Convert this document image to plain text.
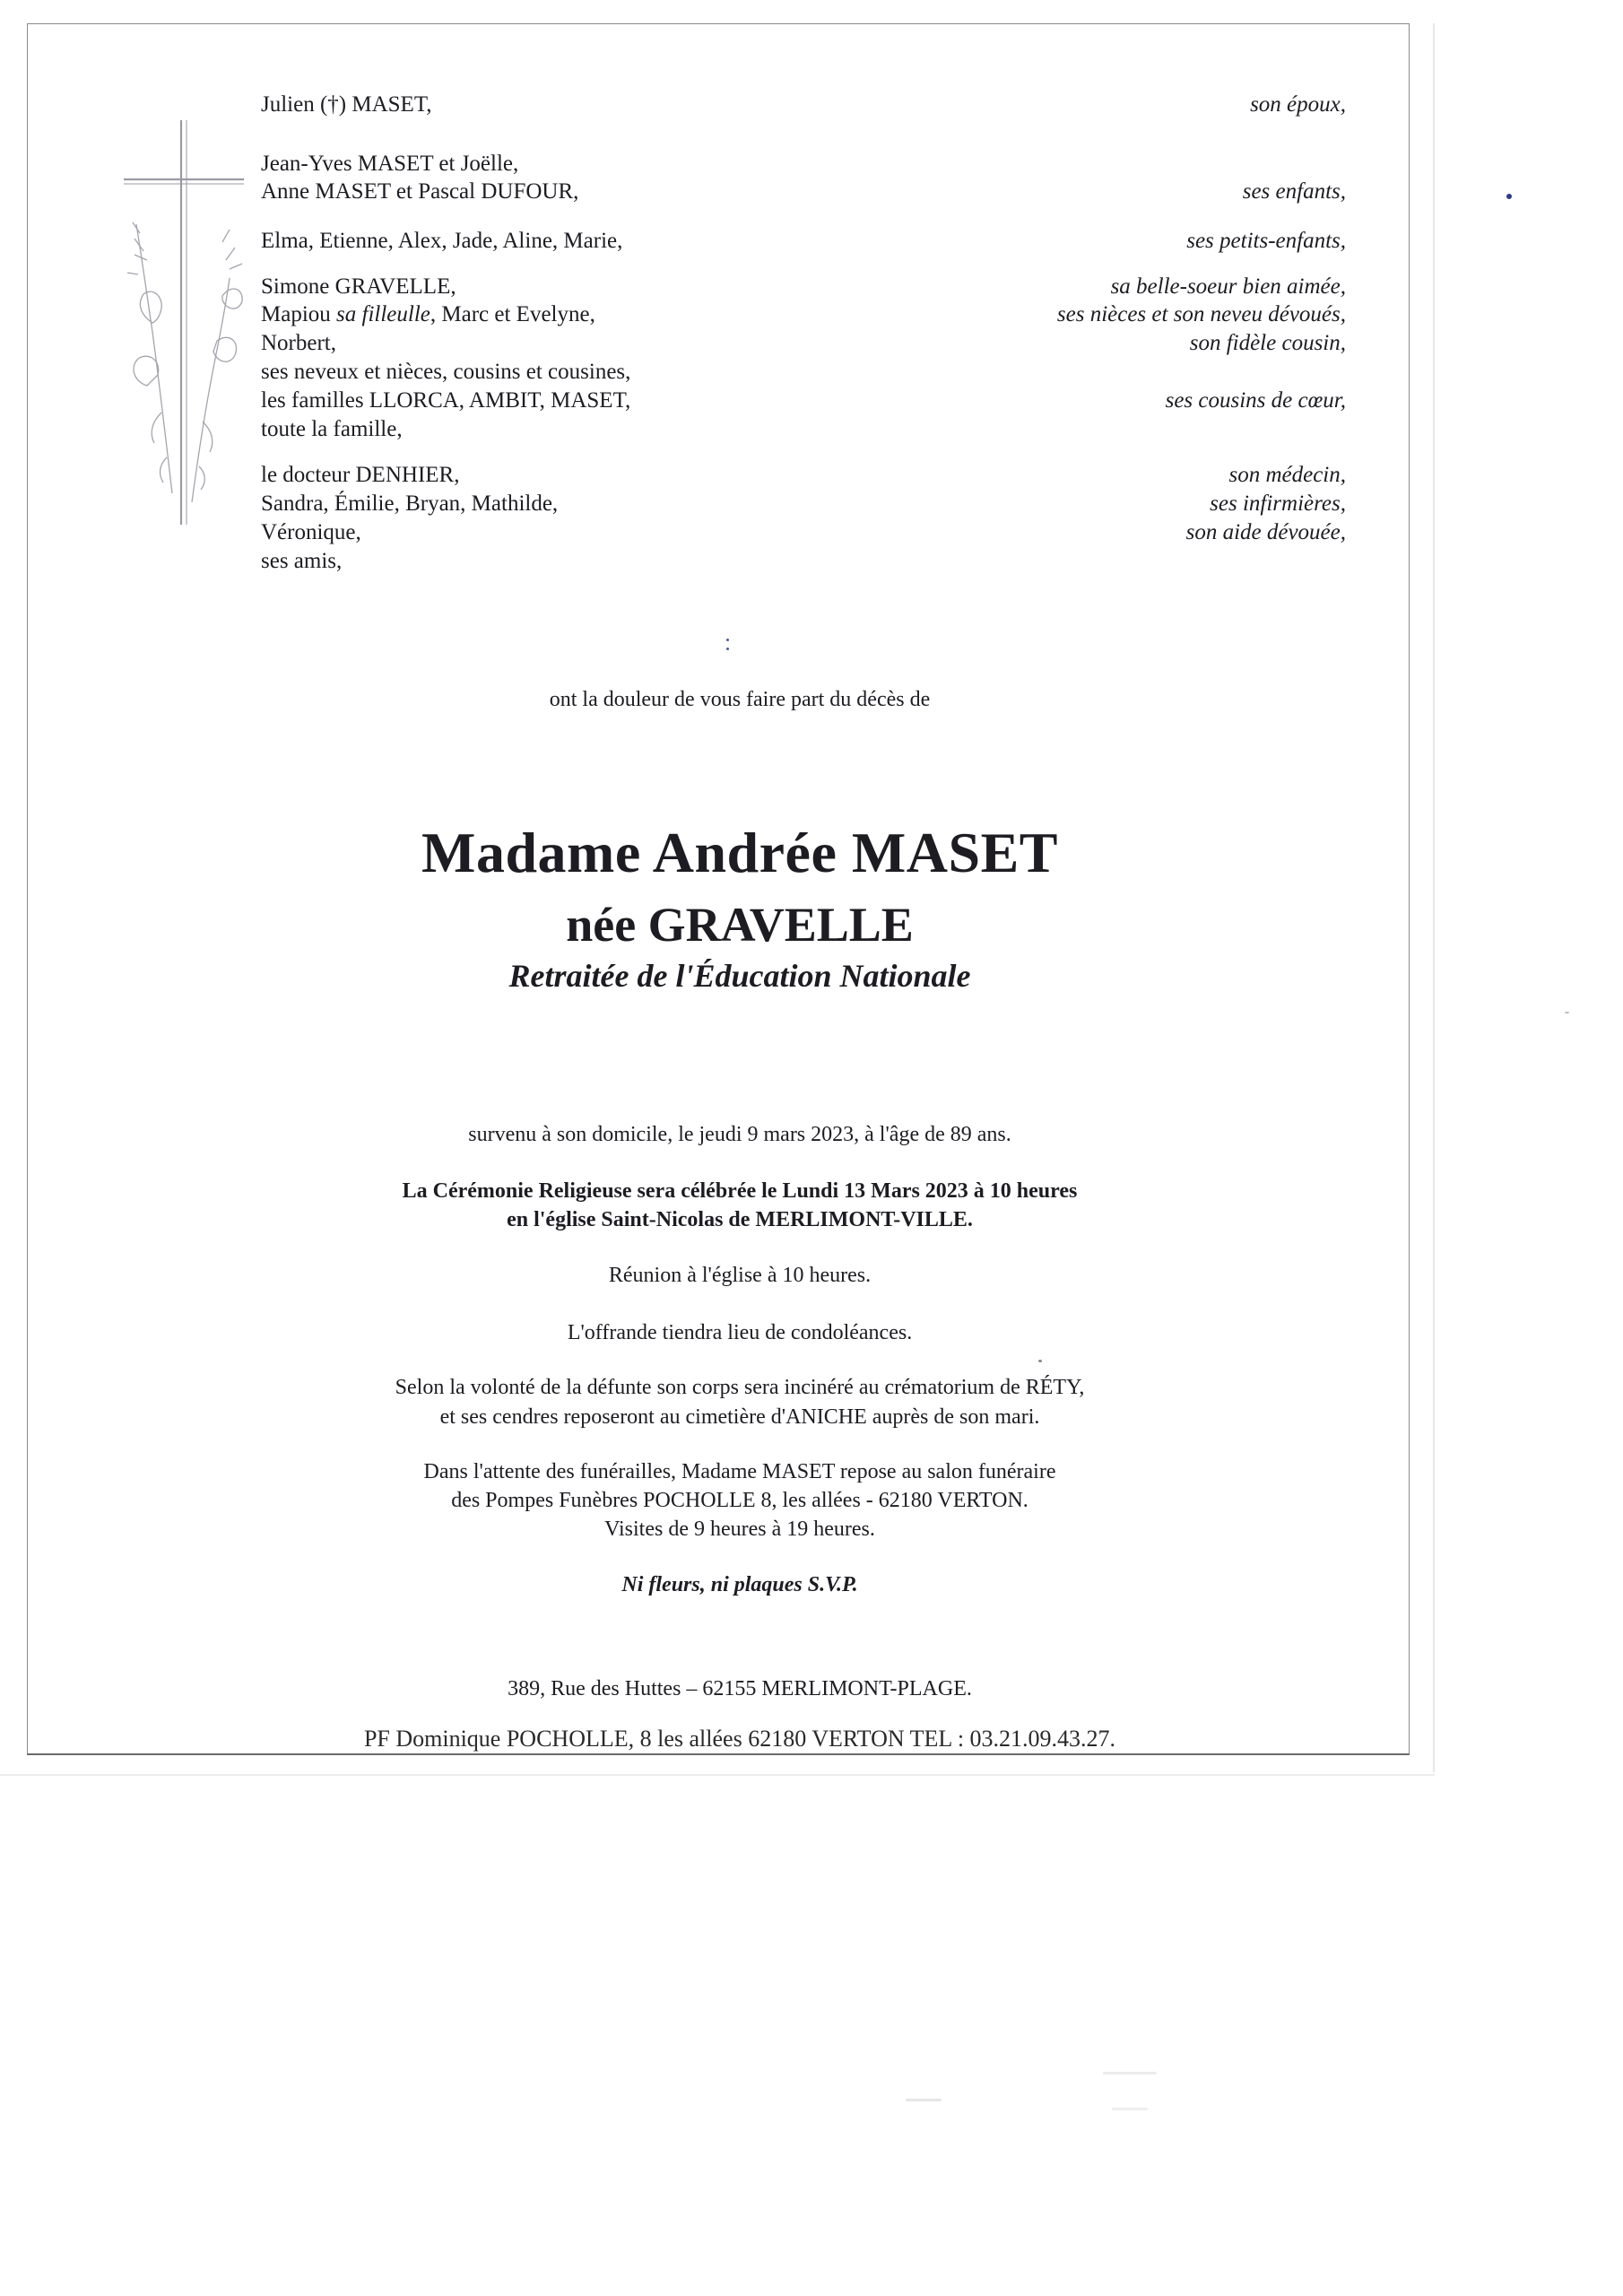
Julien (†) MASET,	son époux,
Jean-Yves MASET et Joëlle,
Anne MASET et Pascal DUFOUR,	ses enfants,
Elma, Etienne, Alex, Jade, Aline, Marie,	ses petits-enfants,
Simone GRAVELLE,	sa belle-soeur bien aimée,
Mapiou sa filleulle, Marc et Evelyne,	ses nièces et son neveu dévoués,
Norbert,	son fidèle cousin,
ses neveux et nièces, cousins et cousines,
les familles LLORCA, AMBIT, MASET,	ses cousins de cœur,
toute la famille,
le docteur DENHIER,	son médecin,
Sandra, Émilie, Bryan, Mathilde,	ses infirmières,
Véronique,	son aide dévouée,
ses amis,
ont la douleur de vous faire part du décès de
Madame Andrée MASET
née GRAVELLE
Retraitée de l'Éducation Nationale
survenu à son domicile, le jeudi 9 mars 2023, à l'âge de 89 ans.
La Cérémonie Religieuse sera célébrée le Lundi 13 Mars 2023 à 10 heures
en l'église Saint-Nicolas de MERLIMONT-VILLE.
Réunion à l'église à 10 heures.
L'offrande tiendra lieu de condoléances.
Selon la volonté de la défunte son corps sera incinéré au crématorium de RÉTY,
et ses cendres reposeront au cimetière d'ANICHE auprès de son mari.
Dans l'attente des funérailles, Madame MASET repose au salon funéraire
des Pompes Funèbres POCHOLLE 8, les allées - 62180 VERTON.
Visites de 9 heures à 19 heures.
Ni fleurs, ni plaques S.V.P.
389, Rue des Huttes – 62155 MERLIMONT-PLAGE.
PF Dominique POCHOLLE, 8 les allées 62180 VERTON TEL : 03.21.09.43.27.
